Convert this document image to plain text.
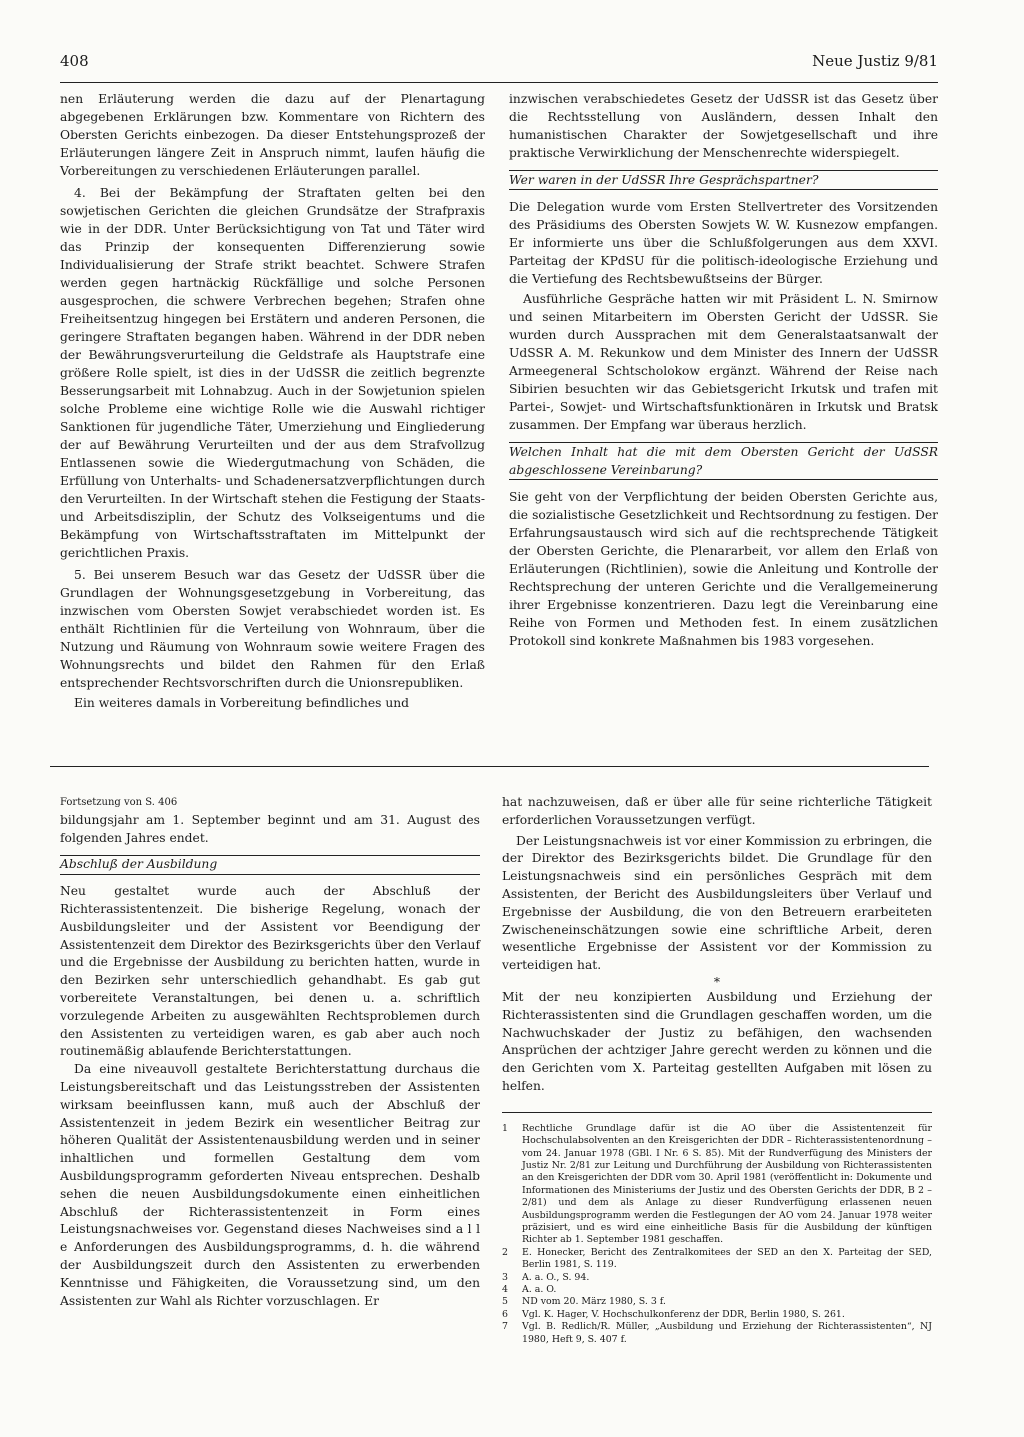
408	Neue Justiz 9/81

nen Erläuterung werden die dazu auf der Plenartagung abgegebenen Erklärungen bzw. Kommentare von Richtern des Obersten Gerichts einbezogen. Da dieser Entstehungsprozeß der Erläuterungen längere Zeit in Anspruch nimmt, laufen häufig die Vorbereitungen zu verschiedenen Erläuterungen parallel.

4. Bei der Bekämpfung der Straftaten gelten bei den sowjetischen Gerichten die gleichen Grundsätze der Strafpraxis wie in der DDR. Unter Berücksichtigung von Tat und Täter wird das Prinzip der konsequenten Differenzierung sowie Individualisierung der Strafe strikt beachtet. Schwere Strafen werden gegen hartnäckig Rückfällige und solche Personen ausgesprochen, die schwere Verbrechen begehen; Strafen ohne Freiheitsentzug hingegen bei Erstätern und anderen Personen, die geringere Straftaten begangen haben. Während in der DDR neben der Bewährungsverurteilung die Geldstrafe als Hauptstrafe eine größere Rolle spielt, ist dies in der UdSSR die zeitlich begrenzte Besserungsarbeit mit Lohnabzug. Auch in der Sowjetunion spielen solche Probleme eine wichtige Rolle wie die Auswahl richtiger Sanktionen für jugendliche Täter, Umerziehung und Eingliederung der auf Bewährung Verurteilten und der aus dem Strafvollzug Entlassenen sowie die Wiedergutmachung von Schäden, die Erfüllung von Unterhalts- und Schadenersatzverpflichtungen durch den Verurteilten. In der Wirtschaft stehen die Festigung der Staats- und Arbeitsdisziplin, der Schutz des Volkseigentums und die Bekämpfung von Wirtschaftsstraftaten im Mittelpunkt der gerichtlichen Praxis.

5. Bei unserem Besuch war das Gesetz der UdSSR über die Grundlagen der Wohnungsgesetzgebung in Vorbereitung, das inzwischen vom Obersten Sowjet verabschiedet worden ist. Es enthält Richtlinien für die Verteilung von Wohnraum, über die Nutzung und Räumung von Wohnraum sowie weitere Fragen des Wohnungsrechts und bildet den Rahmen für den Erlaß entsprechender Rechtsvorschriften durch die Unionsrepubliken.

Ein weiteres damals in Vorbereitung befindliches und

inzwischen verabschiedetes Gesetz der UdSSR ist das Gesetz über die Rechtsstellung von Ausländern, dessen Inhalt den humanistischen Charakter der Sowjetgesellschaft und ihre praktische Verwirklichung der Menschenrechte widerspiegelt.

Wer waren in der UdSSR Ihre Gesprächspartner?

Die Delegation wurde vom Ersten Stellvertreter des Vorsitzenden des Präsidiums des Obersten Sowjets W. W. Kusnezow empfangen. Er informierte uns über die Schlußfolgerungen aus dem XXVI. Parteitag der KPdSU für die politisch-ideologische Erziehung und die Vertiefung des Rechtsbewußtseins der Bürger.

Ausführliche Gespräche hatten wir mit Präsident L. N. Smirnow und seinen Mitarbeitern im Obersten Gericht der UdSSR. Sie wurden durch Aussprachen mit dem Generalstaatsanwalt der UdSSR A. M. Rekunkow und dem Minister des Innern der UdSSR Armeegeneral Schtscholokow ergänzt. Während der Reise nach Sibirien besuchten wir das Gebietsgericht Irkutsk und trafen mit Partei-, Sowjet- und Wirtschaftsfunktionären in Irkutsk und Bratsk zusammen. Der Empfang war überaus herzlich.

Welchen Inhalt hat die mit dem Obersten Gericht der UdSSR abgeschlossene Vereinbarung?

Sie geht von der Verpflichtung der beiden Obersten Gerichte aus, die sozialistische Gesetzlichkeit und Rechtsordnung zu festigen. Der Erfahrungsaustausch wird sich auf die rechtsprechende Tätigkeit der Obersten Gerichte, die Plenararbeit, vor allem den Erlaß von Erläuterungen (Richtlinien), sowie die Anleitung und Kontrolle der Rechtsprechung der unteren Gerichte und die Verallgemeinerung ihrer Ergebnisse konzentrieren. Dazu legt die Vereinbarung eine Reihe von Formen und Methoden fest. In einem zusätzlichen Protokoll sind konkrete Maßnahmen bis 1983 vorgesehen.

Fortsetzung von S. 406

bildungsjahr am 1. September beginnt und am 31. August des folgenden Jahres endet.

Abschluß der Ausbildung

Neu gestaltet wurde auch der Abschluß der Richterassistentenzeit. Die bisherige Regelung, wonach der Ausbildungsleiter und der Assistent vor Beendigung der Assistentenzeit dem Direktor des Bezirksgerichts über den Verlauf und die Ergebnisse der Ausbildung zu berichten hatten, wurde in den Bezirken sehr unterschiedlich gehandhabt. Es gab gut vorbereitete Veranstaltungen, bei denen u. a. schriftlich vorzulegende Arbeiten zu ausgewählten Rechtsproblemen durch den Assistenten zu verteidigen waren, es gab aber auch noch routinemäßig ablaufende Berichterstattungen.

Da eine niveauvoll gestaltete Berichterstattung durchaus die Leistungsbereitschaft und das Leistungsstreben der Assistenten wirksam beeinflussen kann, muß auch der Abschluß der Assistentenzeit in jedem Bezirk ein wesentlicher Beitrag zur höheren Qualität der Assistentenausbildung werden und in seiner inhaltlichen und formellen Gestaltung dem vom Ausbildungsprogramm geforderten Niveau entsprechen. Deshalb sehen die neuen Ausbildungsdokumente einen einheitlichen Abschluß der Richterassistentenzeit in Form eines Leistungsnachweises vor. Gegenstand dieses Nachweises sind a l l e Anforderungen des Ausbildungsprogramms, d. h. die während der Ausbildungszeit durch den Assistenten zu erwerbenden Kenntnisse und Fähigkeiten, die Voraussetzung sind, um den Assistenten zur Wahl als Richter vorzuschlagen. Er

hat nachzuweisen, daß er über alle für seine richterliche Tätigkeit erforderlichen Voraussetzungen verfügt.

Der Leistungsnachweis ist vor einer Kommission zu erbringen, die der Direktor des Bezirksgerichts bildet. Die Grundlage für den Leistungsnachweis sind ein persönliches Gespräch mit dem Assistenten, der Bericht des Ausbildungsleiters über Verlauf und Ergebnisse der Ausbildung, die von den Betreuern erarbeiteten Zwischeneinschätzungen sowie eine schriftliche Arbeit, deren wesentliche Ergebnisse der Assistent vor der Kommission zu verteidigen hat.

*

Mit der neu konzipierten Ausbildung und Erziehung der Richterassistenten sind die Grundlagen geschaffen worden, um die Nachwuchskader der Justiz zu befähigen, den wachsenden Ansprüchen der achtziger Jahre gerecht werden zu können und die den Gerichten vom X. Parteitag gestellten Aufgaben mit lösen zu helfen.

1	Rechtliche Grundlage dafür ist die AO über die Assistentenzeit für Hochschulabsolventen an den Kreisgerichten der DDR – Richterassistentenordnung – vom 24. Januar 1978 (GBl. I Nr. 6 S. 85). Mit der Rundverfügung des Ministers der Justiz Nr. 2/81 zur Leitung und Durchführung der Ausbildung von Richterassistenten an den Kreisgerichten der DDR vom 30. April 1981 (veröffentlicht in: Dokumente und Informationen des Ministeriums der Justiz und des Obersten Gerichts der DDR, B 2 – 2/81) und dem als Anlage zu dieser Rundverfügung erlassenen neuen Ausbildungsprogramm werden die Festlegungen der AO vom 24. Januar 1978 weiter präzisiert, und es wird eine einheitliche Basis für die Ausbildung der künftigen Richter ab 1. September 1981 geschaffen.
2	E. Honecker, Bericht des Zentralkomitees der SED an den X. Parteitag der SED, Berlin 1981, S. 119.
3	A. a. O., S. 94.
4	A. a. O.
5	ND vom 20. März 1980, S. 3 f.
6	Vgl. K. Hager, V. Hochschulkonferenz der DDR, Berlin 1980, S. 261.
7	Vgl. B. Redlich/R. Müller, „Ausbildung und Erziehung der Richterassistenten“, NJ 1980, Heft 9, S. 407 f.
